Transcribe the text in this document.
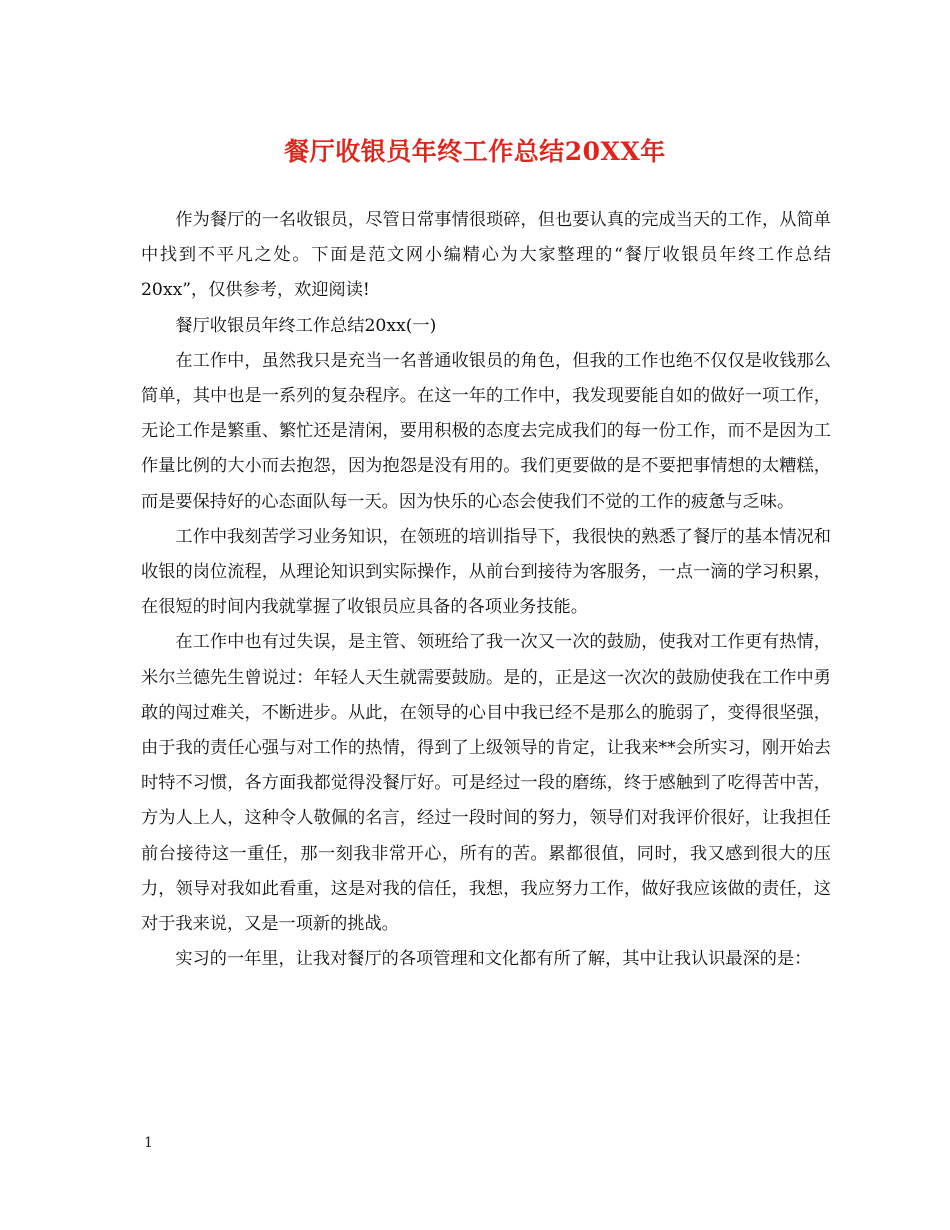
餐厅收银员年终工作总结20XX年

作为餐厅的一名收银员，尽管日常事情很琐碎，但也要认真的完成当天的工作，从简单中找到不平凡之处。下面是范文网小编精心为大家整理的“餐厅收银员年终工作总结20xx”，仅供参考，欢迎阅读!

餐厅收银员年终工作总结20xx(一)

在工作中，虽然我只是充当一名普通收银员的角色，但我的工作也绝不仅仅是收钱那么简单，其中也是一系列的复杂程序。在这一年的工作中，我发现要能自如的做好一项工作，无论工作是繁重、繁忙还是清闲，要用积极的态度去完成我们的每一份工作，而不是因为工作量比例的大小而去抱怨，因为抱怨是没有用的。我们更要做的是不要把事情想的太糟糕，而是要保持好的心态面队每一天。因为快乐的心态会使我们不觉的工作的疲惫与乏味。

工作中我刻苦学习业务知识，在领班的培训指导下，我很快的熟悉了餐厅的基本情况和收银的岗位流程，从理论知识到实际操作，从前台到接待为客服务，一点一滴的学习积累，在很短的时间内我就掌握了收银员应具备的各项业务技能。

在工作中也有过失误，是主管、领班给了我一次又一次的鼓励，使我对工作更有热情，米尔兰德先生曾说过：年轻人天生就需要鼓励。是的，正是这一次次的鼓励使我在工作中勇敢的闯过难关，不断进步。从此，在领导的心目中我已经不是那么的脆弱了，变得很坚强，由于我的责任心强与对工作的热情，得到了上级领导的肯定，让我来**会所实习，刚开始去时特不习惯，各方面我都觉得没餐厅好。可是经过一段的磨练，终于感触到了吃得苦中苦，方为人上人，这种令人敬佩的名言，经过一段时间的努力，领导们对我评价很好，让我担任前台接待这一重任，那一刻我非常开心，所有的苦。累都很值，同时，我又感到很大的压力，领导对我如此看重，这是对我的信任，我想，我应努力工作，做好我应该做的责任，这对于我来说，又是一项新的挑战。

实习的一年里，让我对餐厅的各项管理和文化都有所了解，其中让我认识最深的是：

1
